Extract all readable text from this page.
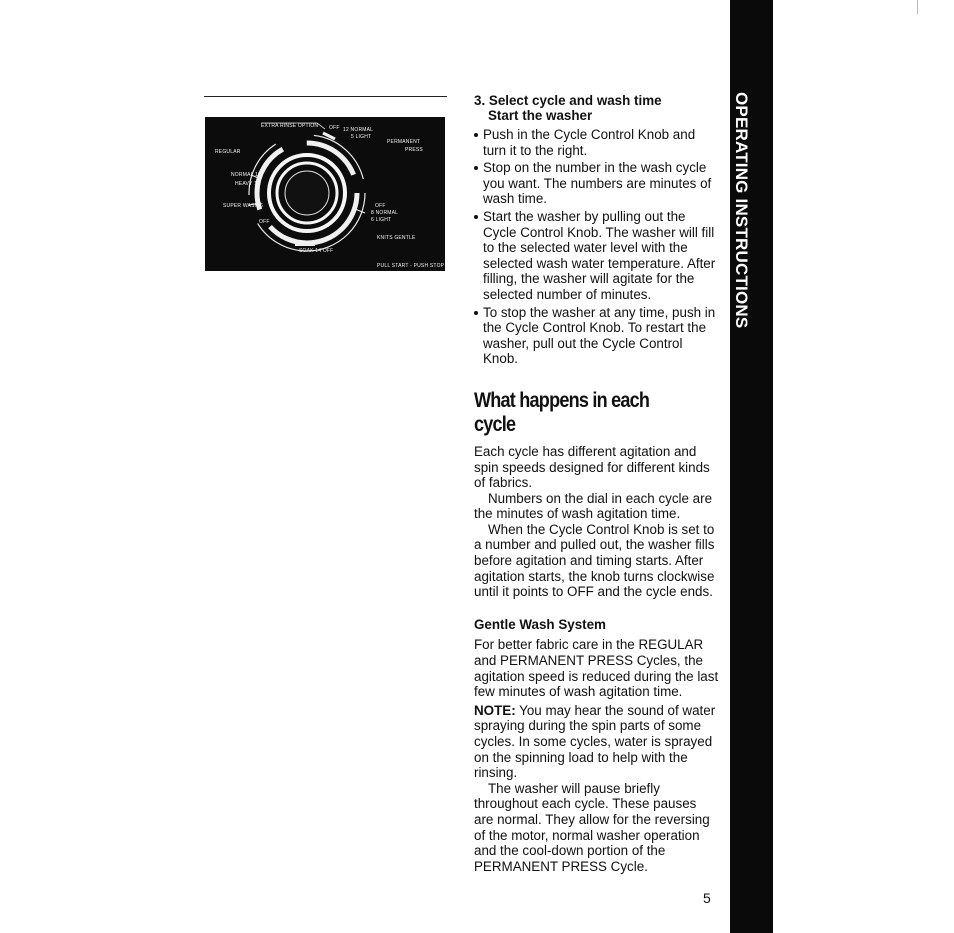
EXTRA RINSE OPTION
REGULAR
NORMAL 10
HEAVY 14
SUPER WASH 6
OFF 12 NORMAL
5 LIGHT
PERMANENT
PRESS
OFF
8 NORMAL
6 LIGHT
KNITS GENTLE
OFF
4
SOAK 14 OFF
PULL START - PUSH STOP
3. Select cycle and wash time
Start the washer
Push in the Cycle Control Knob and turn it to the right.
Stop on the number in the wash cycle you want. The numbers are minutes of wash time.
Start the washer by pulling out the Cycle Control Knob. The washer will fill to the selected water level with the selected wash water temperature. After filling, the washer will agitate for the selected number of minutes.
To stop the washer at any time, push in the Cycle Control Knob. To restart the washer, pull out the Cycle Control Knob.
What happens in each cycle

Each cycle has different agitation and spin speeds designed for different kinds of fabrics.

Numbers on the dial in each cycle are the minutes of wash agitation time.

When the Cycle Control Knob is set to a number and pulled out, the washer fills before agitation and timing starts. After agitation starts, the knob turns clockwise until it points to OFF and the cycle ends.

Gentle Wash System

For better fabric care in the REGULAR and PERMANENT PRESS Cycles, the agitation speed is reduced during the last few minutes of wash agitation time.

NOTE: You may hear the sound of water spraying during the spin parts of some cycles. In some cycles, water is sprayed on the spinning load to help with the rinsing.

The washer will pause briefly throughout each cycle. These pauses are normal. They allow for the reversing of the motor, normal washer operation and the cool-down portion of the PERMANENT PRESS Cycle.

5
OPERATING INSTRUCTIONS
